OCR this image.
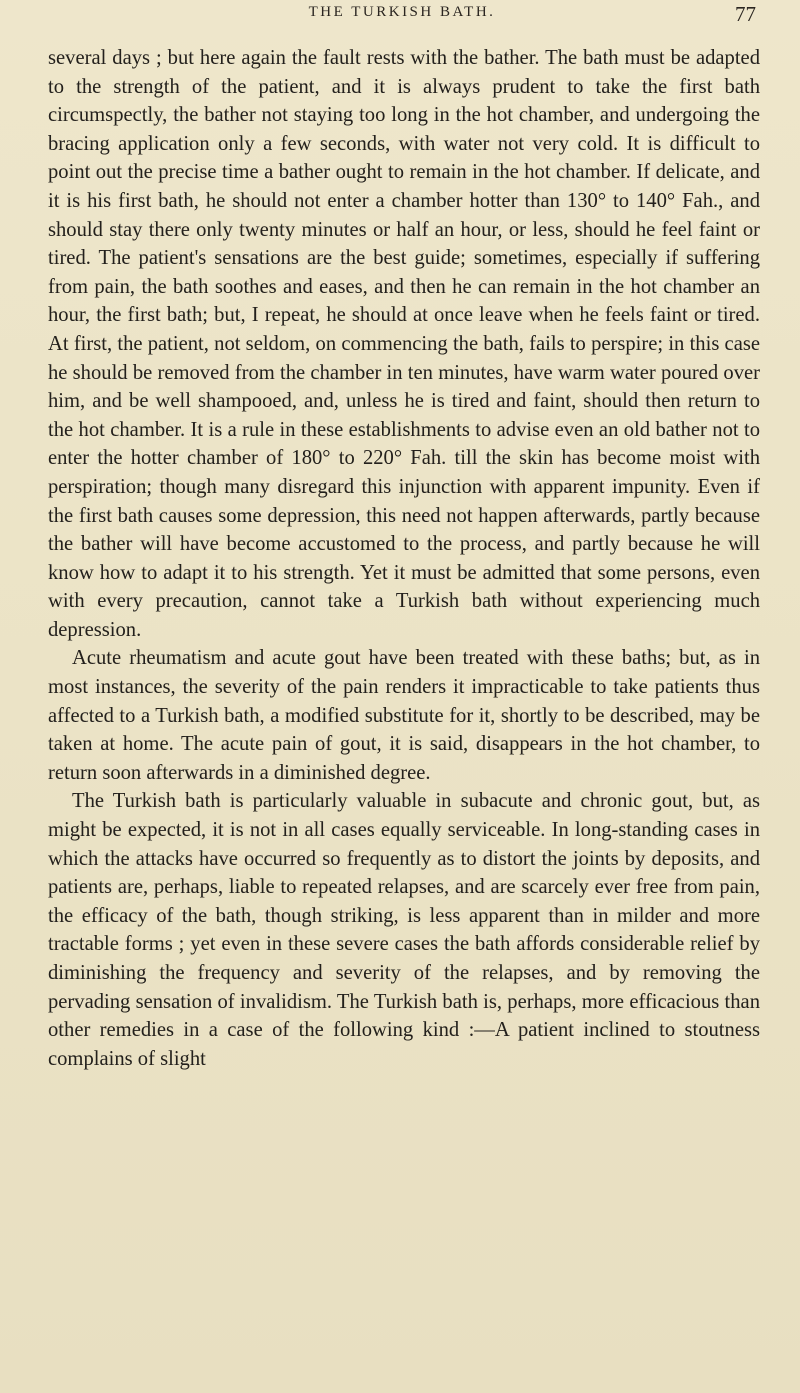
THE TURKISH BATH.	77

several days ; but here again the fault rests with the bather. The bath must be adapted to the strength of the patient, and it is always prudent to take the first bath circumspectly, the bather not staying too long in the hot chamber, and undergoing the bracing application only a few seconds, with water not very cold. It is difficult to point out the precise time a bather ought to remain in the hot chamber. If delicate, and it is his first bath, he should not enter a chamber hotter than 130° to 140° Fah., and should stay there only twenty minutes or half an hour, or less, should he feel faint or tired. The patient's sensations are the best guide; sometimes, especially if suffering from pain, the bath soothes and eases, and then he can remain in the hot chamber an hour, the first bath; but, I repeat, he should at once leave when he feels faint or tired. At first, the patient, not seldom, on commencing the bath, fails to perspire; in this case he should be removed from the chamber in ten minutes, have warm water poured over him, and be well shampooed, and, unless he is tired and faint, should then return to the hot chamber. It is a rule in these establishments to advise even an old bather not to enter the hotter chamber of 180° to 220° Fah. till the skin has become moist with perspiration; though many disregard this injunction with apparent impunity. Even if the first bath causes some depression, this need not happen afterwards, partly because the bather will have become accustomed to the process, and partly because he will know how to adapt it to his strength. Yet it must be admitted that some persons, even with every precaution, cannot take a Turkish bath without experiencing much depression.

Acute rheumatism and acute gout have been treated with these baths; but, as in most instances, the severity of the pain renders it impracticable to take patients thus affected to a Turkish bath, a modified substitute for it, shortly to be described, may be taken at home. The acute pain of gout, it is said, disappears in the hot chamber, to return soon afterwards in a diminished degree.

The Turkish bath is particularly valuable in subacute and chronic gout, but, as might be expected, it is not in all cases equally serviceable. In long-standing cases in which the attacks have occurred so frequently as to distort the joints by deposits, and patients are, perhaps, liable to repeated relapses, and are scarcely ever free from pain, the efficacy of the bath, though striking, is less apparent than in milder and more tractable forms ; yet even in these severe cases the bath affords considerable relief by diminishing the frequency and severity of the relapses, and by removing the pervading sensation of invalidism. The Turkish bath is, perhaps, more efficacious than other remedies in a case of the following kind :—A patient inclined to stoutness complains of slight
